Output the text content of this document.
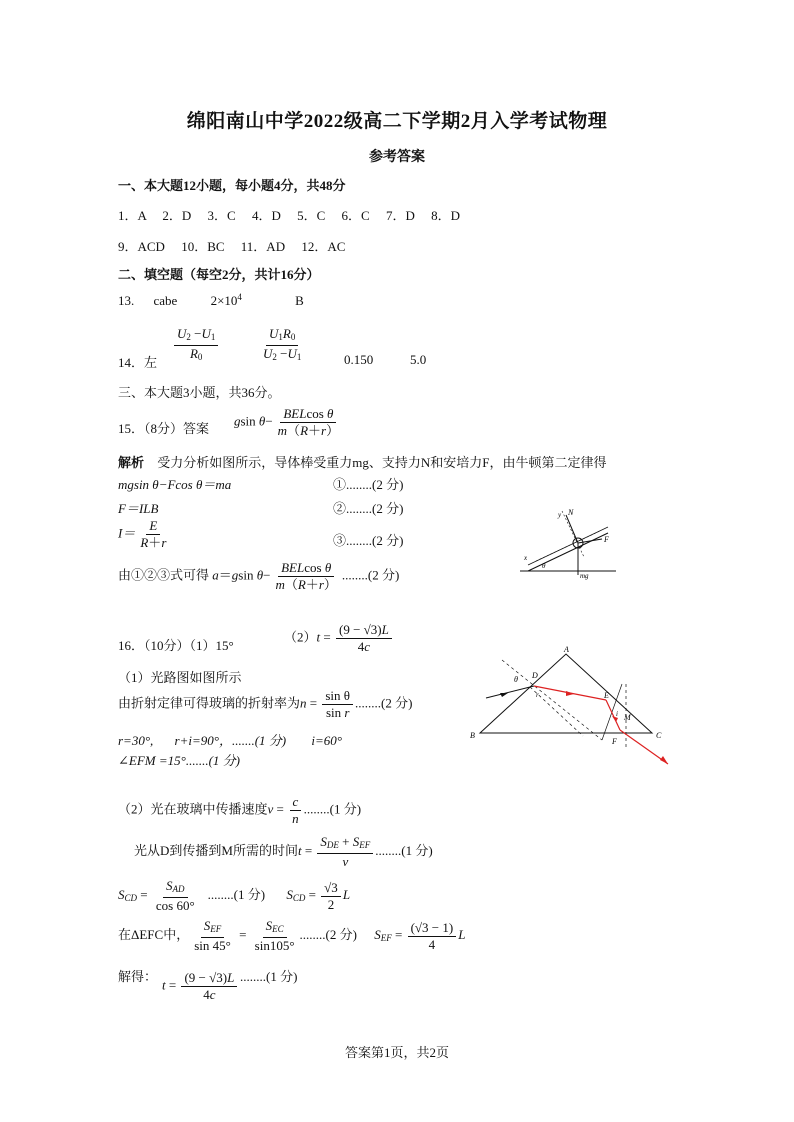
绵阳南山中学2022级高二下学期2月入学考试物理
参考答案
一、本大题12小题，每小题4分，共48分
1．A　 2．D　 3．C　 4．D　 5．C　 6．C　 7．D　 8．D
9．ACD　 10．BC　 11．AD　 12．AC
二、填空题（每空2分，共计16分）
13. cabe	$2\times 10^4$	B
14．左 $\frac{U2 -U1}{R0}$	$\frac{U1R0}{U2 -U1}$	0.150	5.0
三、本大题3小题，共36分。
15．（8分）答案
gsin $\theta- \frac{\text{BELcos θ}}{m(R+r)}$
解析 受力分析如图所示，导体棒受重力mg、支持力N和安培力F，由牛顿第二定律得
mgsin θ−Fcos θ＝ma	①........(2 分)
F＝ILB	②........(2 分)
$I= \frac{E}{R+r}$	③........(2 分)
由①②③式可得 a＝gsin $\theta- \frac{\text{BELcos θ}}{m(R+r)} ........(2$ 分)
y N
F
mg
x
θ
16．（10分）（1）15°
$(2)t = \frac{(9 - √3)L}{4c}$
（1）光路图如图所示
由折射定律可得玻璃的折射率为$n = \frac{\text{sin θ}}{\text{sin r}} ........(2$ 分)
r=30°, r+i=90°，.......(1 分) i=60°
∠EFM =15°.......(1 分)
A
B	C
D
E
F
M
θ
r
i
（2）光在玻璃中传播速度$v = \frac{c}{n} ........(1$ 分)
光从D到传播到M所需的时间$t = \frac{\text{SDE + SEF}}{v} ........(1$ 分)
SCD = $\frac{\text{SAD}}{\cos 60^\circ} ........(1$ 分) SCD = $\frac{√3}{2}$ L
在ΔEFC中， $\frac{\text{SEF}}{\sin 45^\circ} = \frac{\text{SEC}}{\sin 105^\circ} ........(2$ 分) SEF = $\frac{(√3 - 1)}{4}$ L
解得：
$t = \frac{(9 - √3)L}{4c} ........(1$ 分)
答案第1页，共2页
